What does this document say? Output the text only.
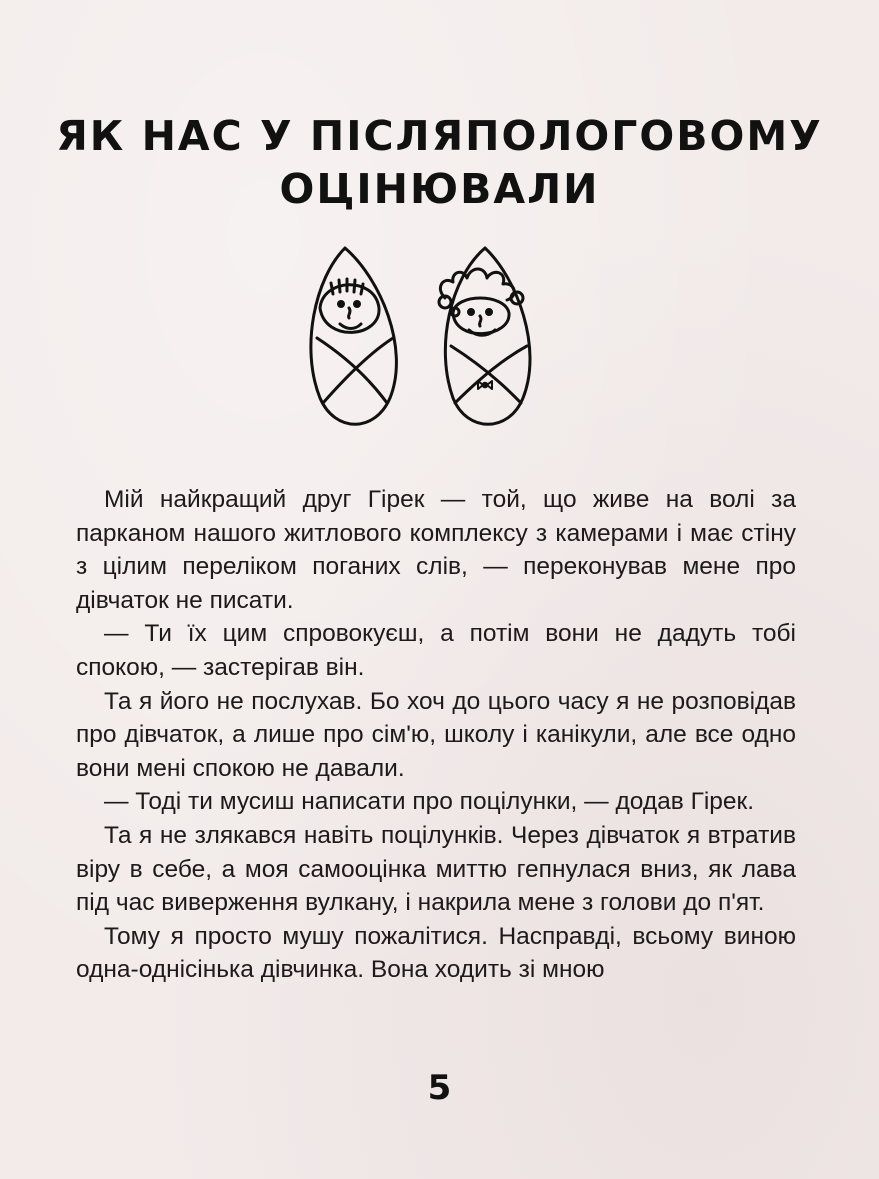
ЯК НАС У ПІСЛЯПОЛОГОВОМУ
ОЦІНЮВАЛИ

Мій найкращий друг Гірек — той, що живе на волі за парканом нашого житлового комплексу з камерами і має стіну з цілим переліком поганих слів, — переконував мене про дівчаток не писати.

— Ти їх цим спровокуєш, а потім вони не дадуть тобі спокою, — застерігав він.

Та я його не послухав. Бо хоч до цього часу я не розповідав про дівчаток, а лише про сім'ю, школу і канікули, але все одно вони мені спокою не давали.

— Тоді ти мусиш написати про поцілунки, — додав Гірек.

Та я не злякався навіть поцілунків. Через дівчаток я втратив віру в себе, а моя самооцінка миттю гепнулася вниз, як лава під час виверження вулкану, і накрила мене з голови до п'ят.

Тому я просто мушу пожалітися. Насправді, всьому виною одна-однісінька дівчинка. Вона ходить зі мною

5
